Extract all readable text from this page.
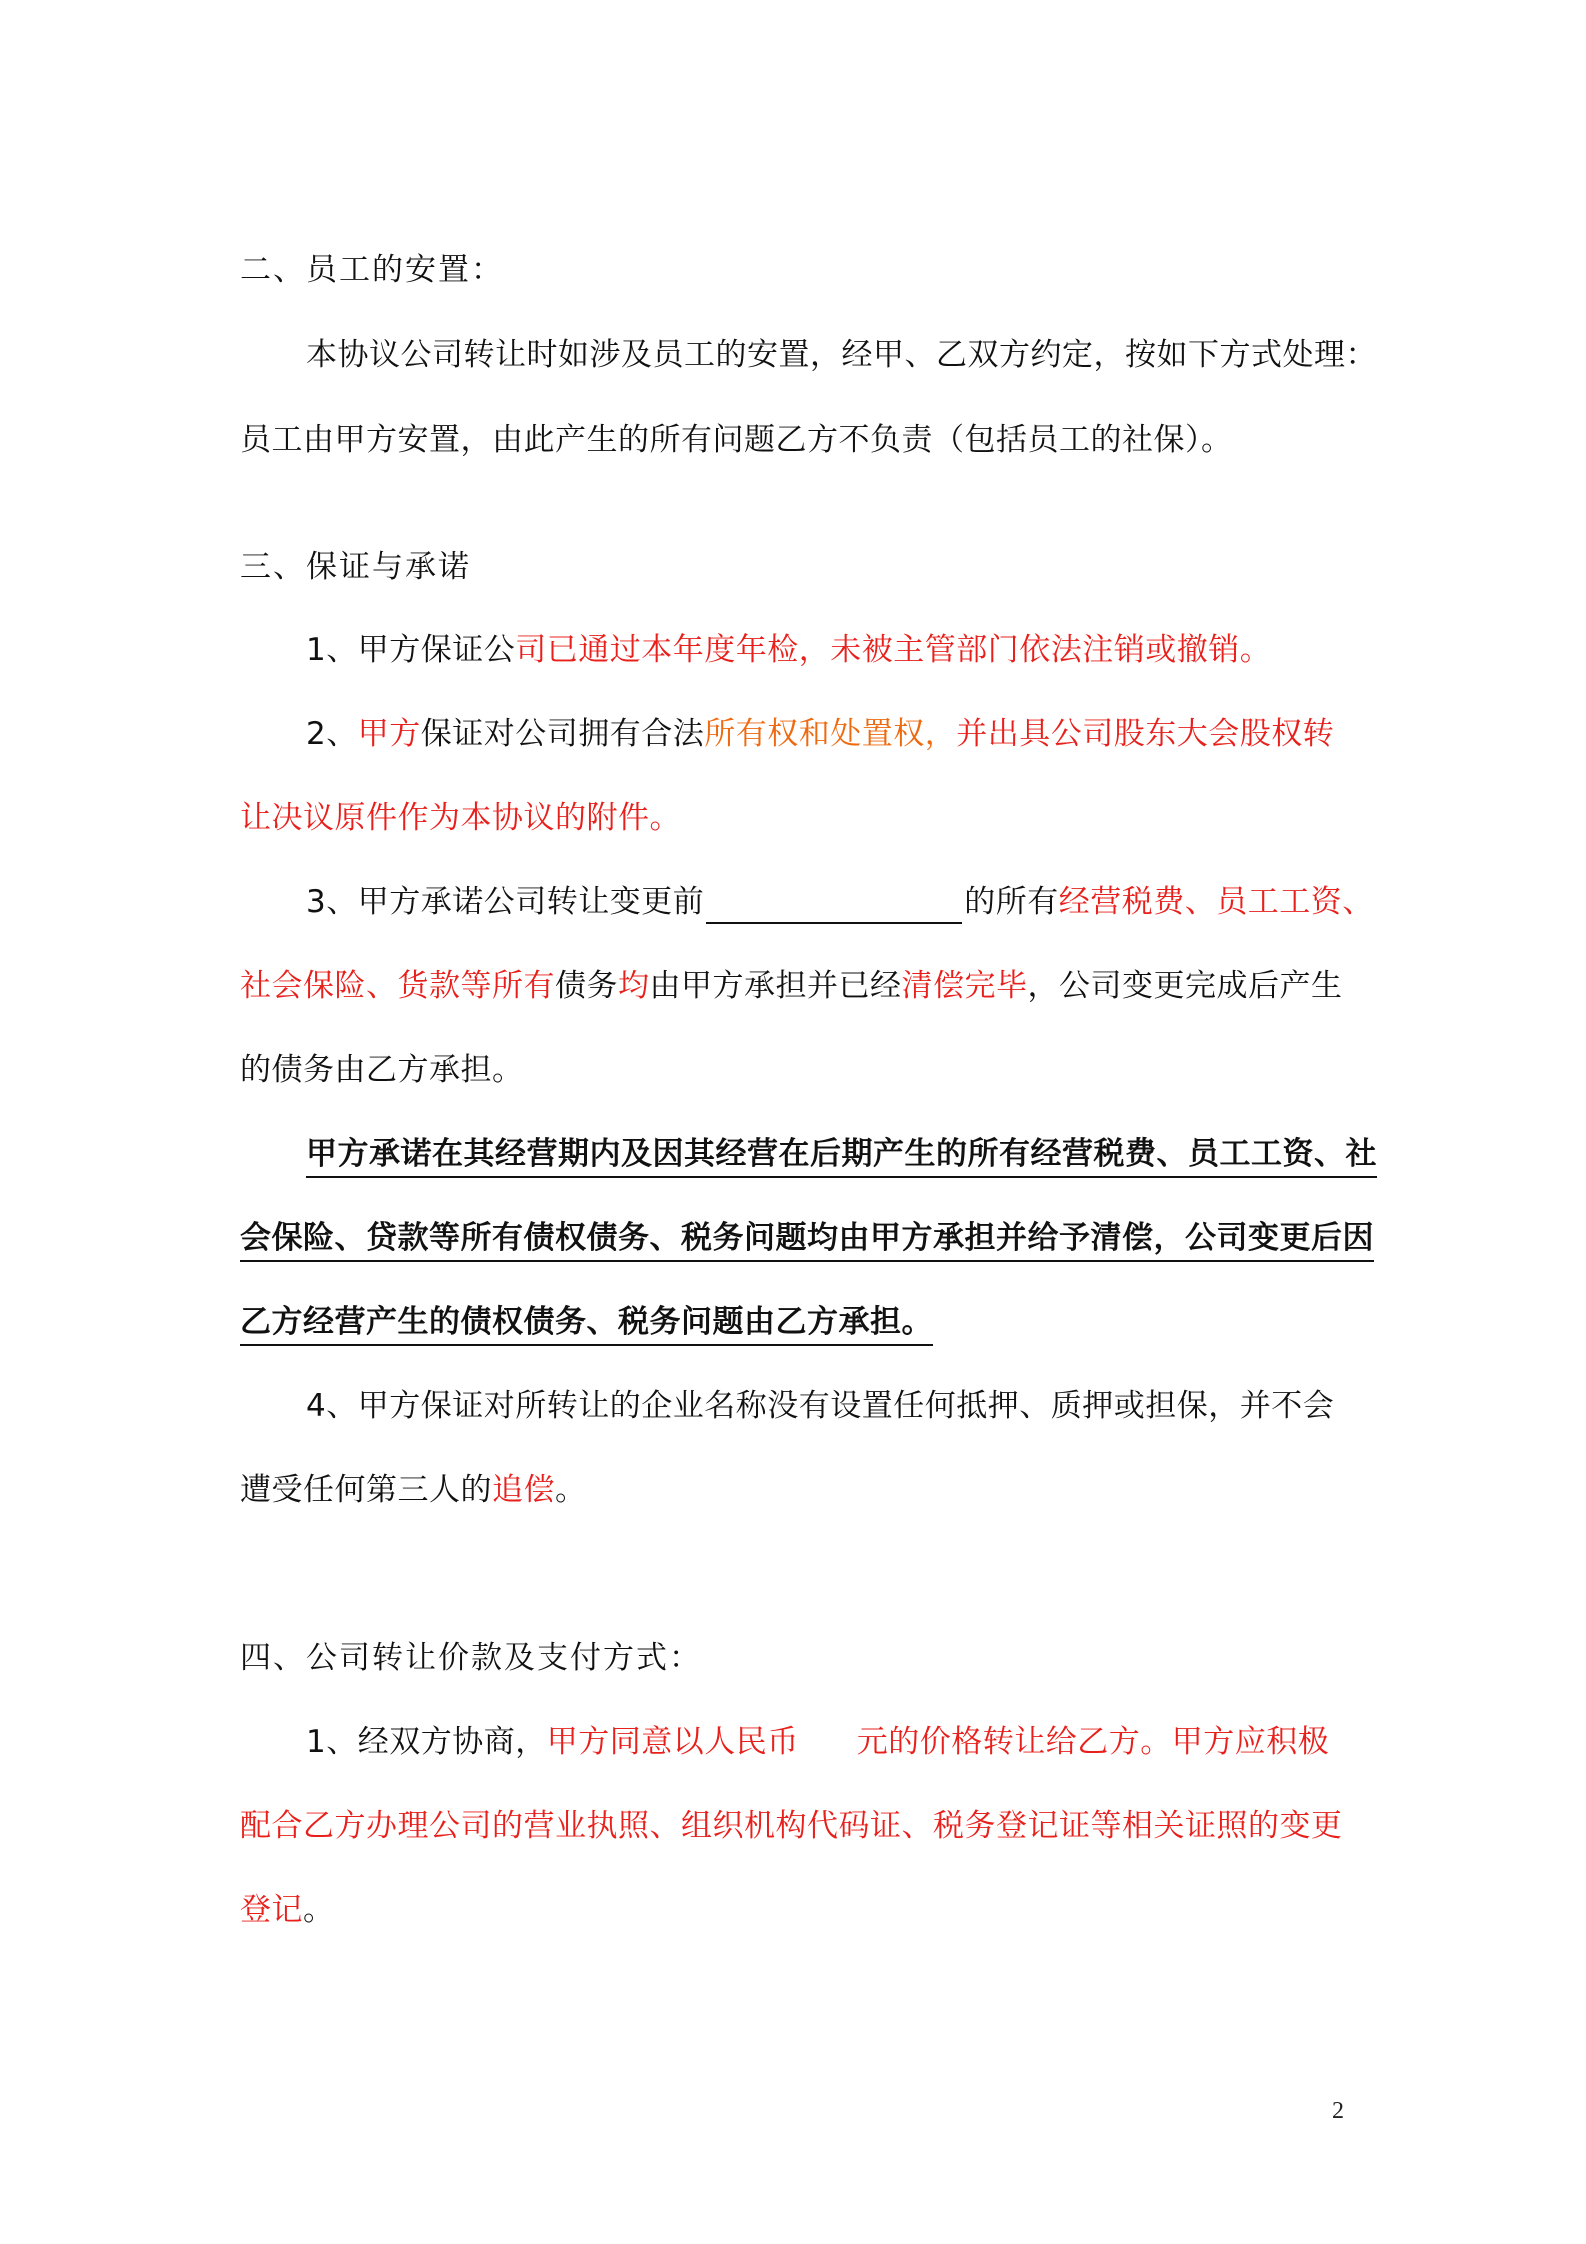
二、员工的安置：
本协议公司转让时如涉及员工的安置，经甲、乙双方约定，按如下方式处理：
员工由甲方安置，由此产生的所有问题乙方不负责（包括员工的社保）。
三、保证与承诺
1、甲方保证公司已通过本年度年检，未被主管部门依法注销或撤销。
2、甲方保证对公司拥有合法所有权和处置权，并出具公司股东大会股权转
让决议原件作为本协议的附件。
3、甲方承诺公司转让变更前	的所有经营税费、员工工资、
社会保险、货款等所有债务均由甲方承担并已经清偿完毕，公司变更完成后产生
的债务由乙方承担。
甲方承诺在其经营期内及因其经营在后期产生的所有经营税费、员工工资、社
会保险、贷款等所有债权债务、税务问题均由甲方承担并给予清偿，公司变更后因
乙方经营产生的债权债务、税务问题由乙方承担。
4、甲方保证对所转让的企业名称没有设置任何抵押、质押或担保，并不会
遭受任何第三人的追偿。
四、公司转让价款及支付方式：
1、经双方协商，甲方同意以人民币 元的价格转让给乙方。甲方应积极
配合乙方办理公司的营业执照、组织机构代码证、税务登记证等相关证照的变更
登记。
2
